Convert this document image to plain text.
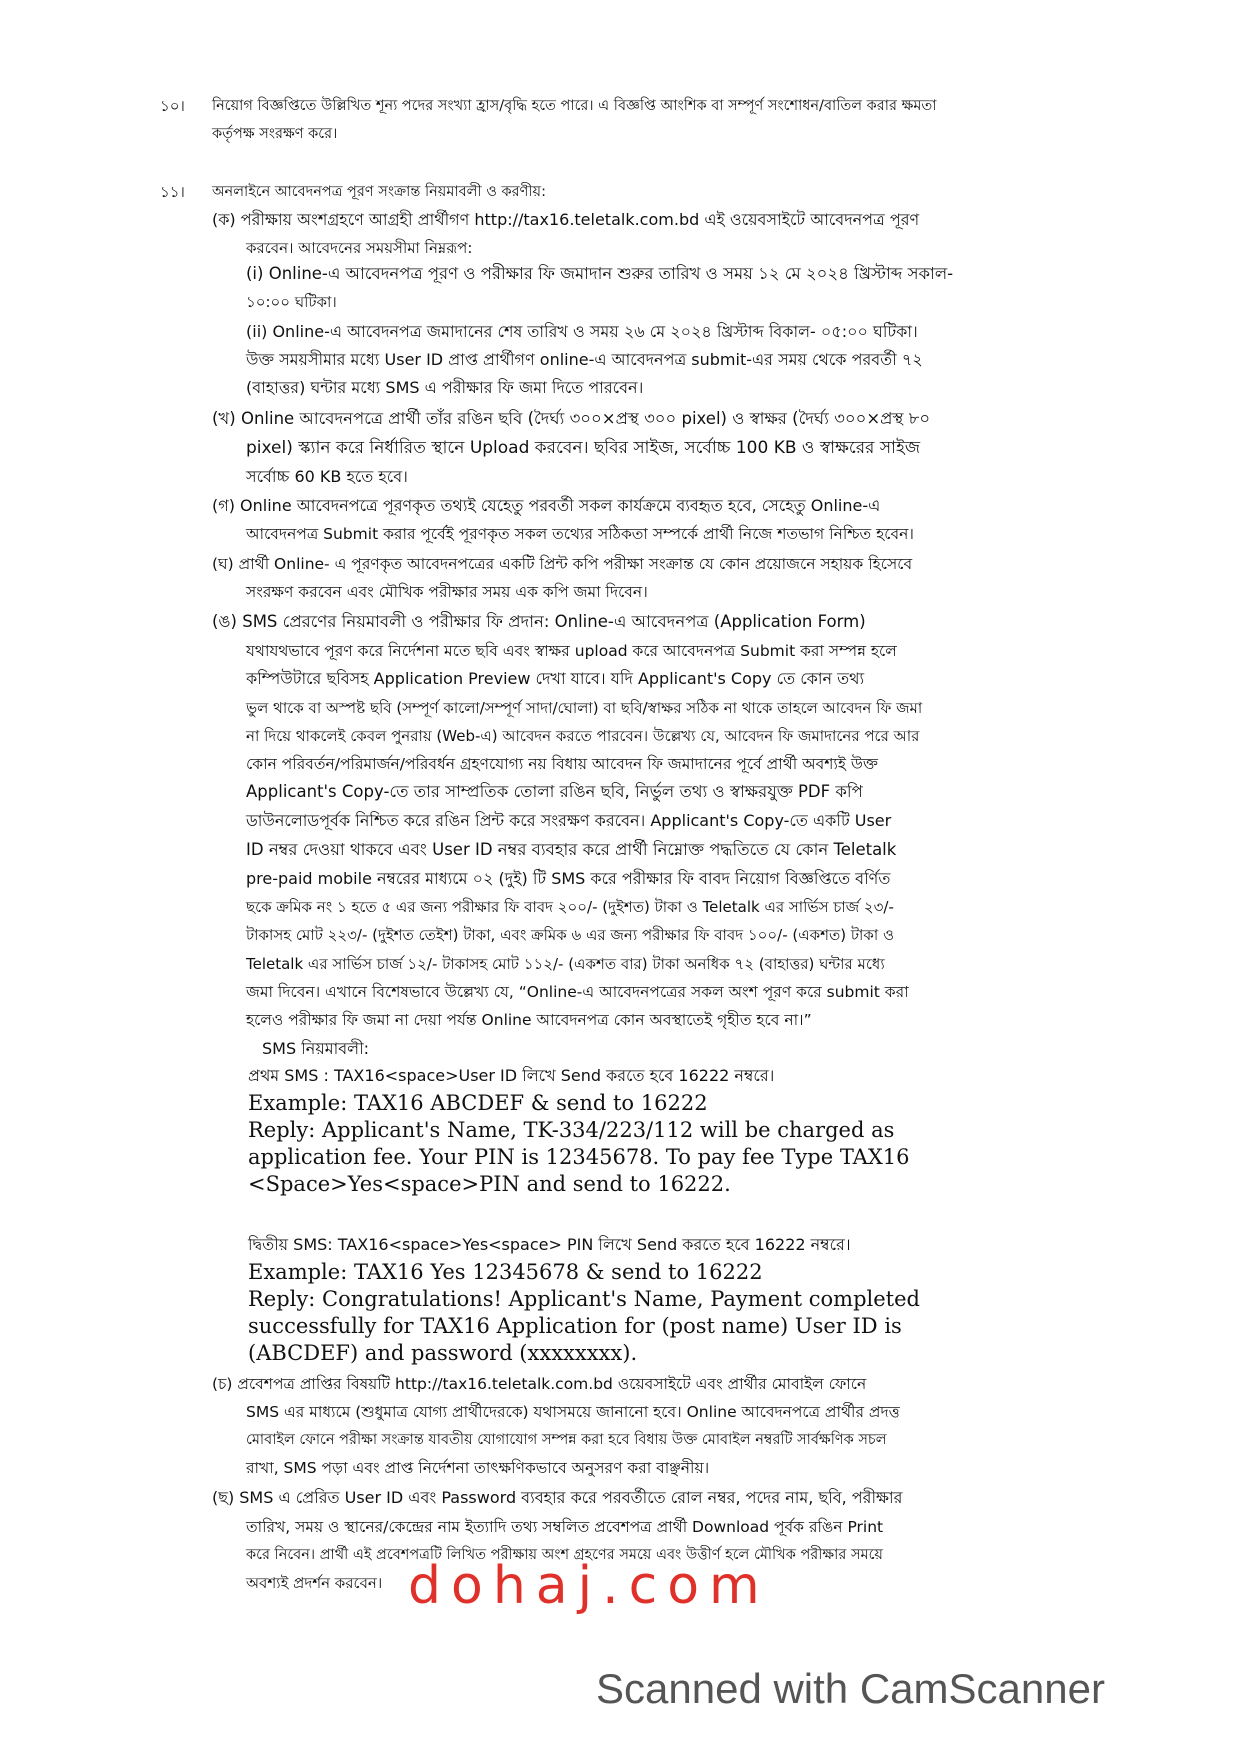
১০। নিয়োগ বিজ্ঞপ্তিতে উল্লিখিত শূন্য পদের সংখ্যা হ্রাস/বৃদ্ধি হতে পারে। এ বিজ্ঞপ্তি আংশিক বা সম্পূর্ণ সংশোধন/বাতিল করার ক্ষমতা
কর্তৃপক্ষ সংরক্ষণ করে।
১১। অনলাইনে আবেদনপত্র পূরণ সংক্রান্ত নিয়মাবলী ও করণীয়:
(ক) পরীক্ষায় অংশগ্রহণে আগ্রহী প্রার্থীগণ http://tax16.teletalk.com.bd এই ওয়েবসাইটে আবেদনপত্র পূরণ
করবেন। আবেদনের সময়সীমা নিম্নরূপ:
(i) Online-এ আবেদনপত্র পূরণ ও পরীক্ষার ফি জমাদান শুরুর তারিখ ও সময় ১২ মে ২০২৪ খ্রিস্টাব্দ সকাল-
১০:০০ ঘটিকা।
(ii) Online-এ আবেদনপত্র জমাদানের শেষ তারিখ ও সময় ২৬ মে ২০২৪ খ্রিস্টাব্দ বিকাল- ০৫:০০ ঘটিকা।
উক্ত সময়সীমার মধ্যে User ID প্রাপ্ত প্রার্থীগণ online-এ আবেদনপত্র submit-এর সময় থেকে পরবর্তী ৭২
(বাহাত্তর) ঘন্টার মধ্যে SMS এ পরীক্ষার ফি জমা দিতে পারবেন।
(খ) Online আবেদনপত্রে প্রার্থী তাঁর রঙিন ছবি (দৈর্ঘ্য ৩০০×প্রস্থ ৩০০ pixel) ও স্বাক্ষর (দৈর্ঘ্য ৩০০×প্রস্থ ৮০
pixel) স্ক্যান করে নির্ধারিত স্থানে Upload করবেন। ছবির সাইজ, সর্বোচ্চ 100 KB ও স্বাক্ষরের সাইজ
সর্বোচ্চ 60 KB হতে হবে।
(গ) Online আবেদনপত্রে পূরণকৃত তথ্যই যেহেতু পরবর্তী সকল কার্যক্রমে ব্যবহৃত হবে, সেহেতু Online-এ
আবেদনপত্র Submit করার পূর্বেই পূরণকৃত সকল তথ্যের সঠিকতা সম্পর্কে প্রার্থী নিজে শতভাগ নিশ্চিত হবেন।
(ঘ) প্রার্থী Online- এ পূরণকৃত আবেদনপত্রের একটি প্রিন্ট কপি পরীক্ষা সংক্রান্ত যে কোন প্রয়োজনে সহায়ক হিসেবে
সংরক্ষণ করবেন এবং মৌখিক পরীক্ষার সময় এক কপি জমা দিবেন।
(ঙ) SMS প্রেরণের নিয়মাবলী ও পরীক্ষার ফি প্রদান: Online-এ আবেদনপত্র (Application Form)
যথাযথভাবে পূরণ করে নির্দেশনা মতে ছবি এবং স্বাক্ষর upload করে আবেদনপত্র Submit করা সম্পন্ন হলে
কম্পিউটারে ছবিসহ Application Preview দেখা যাবে। যদি Applicant's Copy তে কোন তথ্য
ভুল থাকে বা অস্পষ্ট ছবি (সম্পূর্ণ কালো/সম্পূর্ণ সাদা/ঘোলা) বা ছবি/স্বাক্ষর সঠিক না থাকে তাহলে আবেদন ফি জমা
না দিয়ে থাকলেই কেবল পুনরায় (Web-এ) আবেদন করতে পারবেন। উল্লেখ্য যে, আবেদন ফি জমাদানের পরে আর
কোন পরিবর্তন/পরিমার্জন/পরিবর্ধন গ্রহণযোগ্য নয় বিধায় আবেদন ফি জমাদানের পূর্বে প্রার্থী অবশ্যই উক্ত
Applicant's Copy-তে তার সাম্প্রতিক তোলা রঙিন ছবি, নির্ভুল তথ্য ও স্বাক্ষরযুক্ত PDF কপি
ডাউনলোডপূর্বক নিশ্চিত করে রঙিন প্রিন্ট করে সংরক্ষণ করবেন। Applicant's Copy-তে একটি User
ID নম্বর দেওয়া থাকবে এবং User ID নম্বর ব্যবহার করে প্রার্থী নিম্নোক্ত পদ্ধতিতে যে কোন Teletalk
pre-paid mobile নম্বরের মাধ্যমে ০২ (দুই) টি SMS করে পরীক্ষার ফি বাবদ নিয়োগ বিজ্ঞপ্তিতে বর্ণিত
ছকে ক্রমিক নং ১ হতে ৫ এর জন্য পরীক্ষার ফি বাবদ ২০০/- (দুইশত) টাকা ও Teletalk এর সার্ভিস চার্জ ২৩/-
টাকাসহ মোট ২২৩/- (দুইশত তেইশ) টাকা, এবং ক্রমিক ৬ এর জন্য পরীক্ষার ফি বাবদ ১০০/- (একশত) টাকা ও
Teletalk এর সার্ভিস চার্জ ১২/- টাকাসহ মোট ১১২/- (একশত বার) টাকা অনধিক ৭২ (বাহাত্তর) ঘন্টার মধ্যে
জমা দিবেন। এখানে বিশেষভাবে উল্লেখ্য যে, “Online-এ আবেদনপত্রের সকল অংশ পূরণ করে submit করা
হলেও পরীক্ষার ফি জমা না দেয়া পর্যন্ত Online আবেদনপত্র কোন অবস্থাতেই গৃহীত হবে না।”
SMS নিয়মাবলী:
প্রথম SMS : TAX16<space>User ID লিখে Send করতে হবে 16222 নম্বরে।
Example: TAX16 ABCDEF & send to 16222
Reply: Applicant's Name, TK-334/223/112 will be charged as
application fee. Your PIN is 12345678. To pay fee Type TAX16
<Space>Yes<space>PIN and send to 16222.
দ্বিতীয় SMS: TAX16<space>Yes<space> PIN লিখে Send করতে হবে 16222 নম্বরে।
Example: TAX16 Yes 12345678 & send to 16222
Reply: Congratulations! Applicant's Name, Payment completed
successfully for TAX16 Application for (post name) User ID is
(ABCDEF) and password (xxxxxxxx).
(চ) প্রবেশপত্র প্রাপ্তির বিষয়টি http://tax16.teletalk.com.bd ওয়েবসাইটে এবং প্রার্থীর মোবাইল ফোনে
SMS এর মাধ্যমে (শুধুমাত্র যোগ্য প্রার্থীদেরকে) যথাসময়ে জানানো হবে। Online আবেদনপত্রে প্রার্থীর প্রদত্ত
মোবাইল ফোনে পরীক্ষা সংক্রান্ত যাবতীয় যোগাযোগ সম্পন্ন করা হবে বিধায় উক্ত মোবাইল নম্বরটি সার্বক্ষণিক সচল
রাখা, SMS পড়া এবং প্রাপ্ত নির্দেশনা তাৎক্ষণিকভাবে অনুসরণ করা বাঞ্ছনীয়।
(ছ) SMS এ প্রেরিত User ID এবং Password ব্যবহার করে পরবর্তীতে রোল নম্বর, পদের নাম, ছবি, পরীক্ষার
তারিখ, সময় ও স্থানের/কেন্দ্রের নাম ইত্যাদি তথ্য সম্বলিত প্রবেশপত্র প্রার্থী Download পূর্বক রঙিন Print
করে নিবেন। প্রার্থী এই প্রবেশপত্রটি লিখিত পরীক্ষায় অংশ গ্রহণের সময়ে এবং উত্তীর্ণ হলে মৌখিক পরীক্ষার সময়ে
অবশ্যই প্রদর্শন করবেন। dohaj.com
Scanned with CamScanner
